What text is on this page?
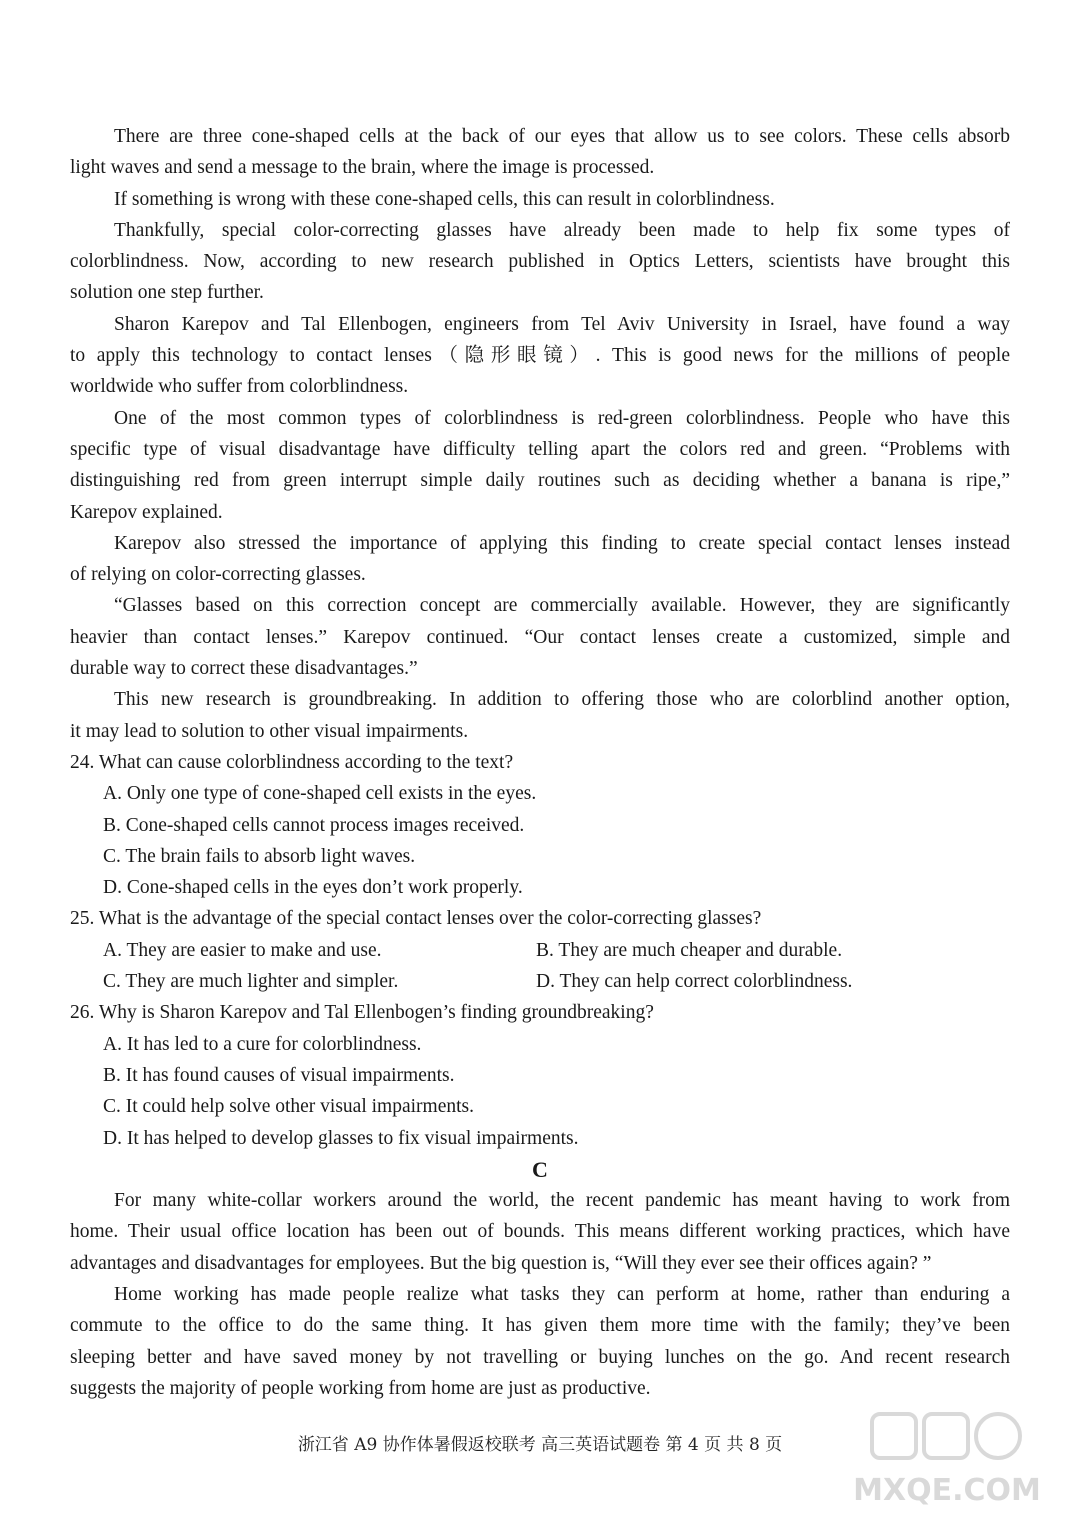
There are three cone-shaped cells at the back of our eyes that allow us to see colors. These cells absorb
light waves and send a message to the brain, where the image is processed.
If something is wrong with these cone-shaped cells, this can result in colorblindness.
Thankfully, special color-correcting glasses have already been made to help fix some types of
colorblindness. Now, according to new research published in Optics Letters, scientists have brought this
solution one step further.
Sharon Karepov and Tal Ellenbogen, engineers from Tel Aviv University in Israel, have found a way
to apply this technology to contact lenses（隐形眼镜）. This is good news for the millions of people
worldwide who suffer from colorblindness.
One of the most common types of colorblindness is red-green colorblindness. People who have this
specific type of visual disadvantage have difficulty telling apart the colors red and green. “Problems with
distinguishing red from green interrupt simple daily routines such as deciding whether a banana is ripe,”
Karepov explained.
Karepov also stressed the importance of applying this finding to create special contact lenses instead
of relying on color-correcting glasses.
“Glasses based on this correction concept are commercially available. However, they are significantly
heavier than contact lenses.” Karepov continued. “Our contact lenses create a customized, simple and
durable way to correct these disadvantages.”
This new research is groundbreaking. In addition to offering those who are colorblind another option,
it may lead to solution to other visual impairments.
24. What can cause colorblindness according to the text?
A. Only one type of cone-shaped cell exists in the eyes.
B. Cone-shaped cells cannot process images received.
C. The brain fails to absorb light waves.
D. Cone-shaped cells in the eyes don’t work properly.
25. What is the advantage of the special contact lenses over the color-correcting glasses?
A. They are easier to make and use.	B. They are much cheaper and durable.
C. They are much lighter and simpler.	D. They can help correct colorblindness.
26. Why is Sharon Karepov and Tal Ellenbogen’s finding groundbreaking?
A. It has led to a cure for colorblindness.
B. It has found causes of visual impairments.
C. It could help solve other visual impairments.
D. It has helped to develop glasses to fix visual impairments.
C
For many white-collar workers around the world, the recent pandemic has meant having to work from
home. Their usual office location has been out of bounds. This means different working practices, which have
advantages and disadvantages for employees. But the big question is, “Will they ever see their offices again? ”
Home working has made people realize what tasks they can perform at home, rather than enduring a
commute to the office to do the same thing. It has given them more time with the family; they’ve been
sleeping better and have saved money by not travelling or buying lunches on the go. And recent research
suggests the majority of people working from home are just as productive.
浙江省 A9 协作体暑假返校联考 高三英语试题卷 第 4 页 共 8 页
MXQE.COM
